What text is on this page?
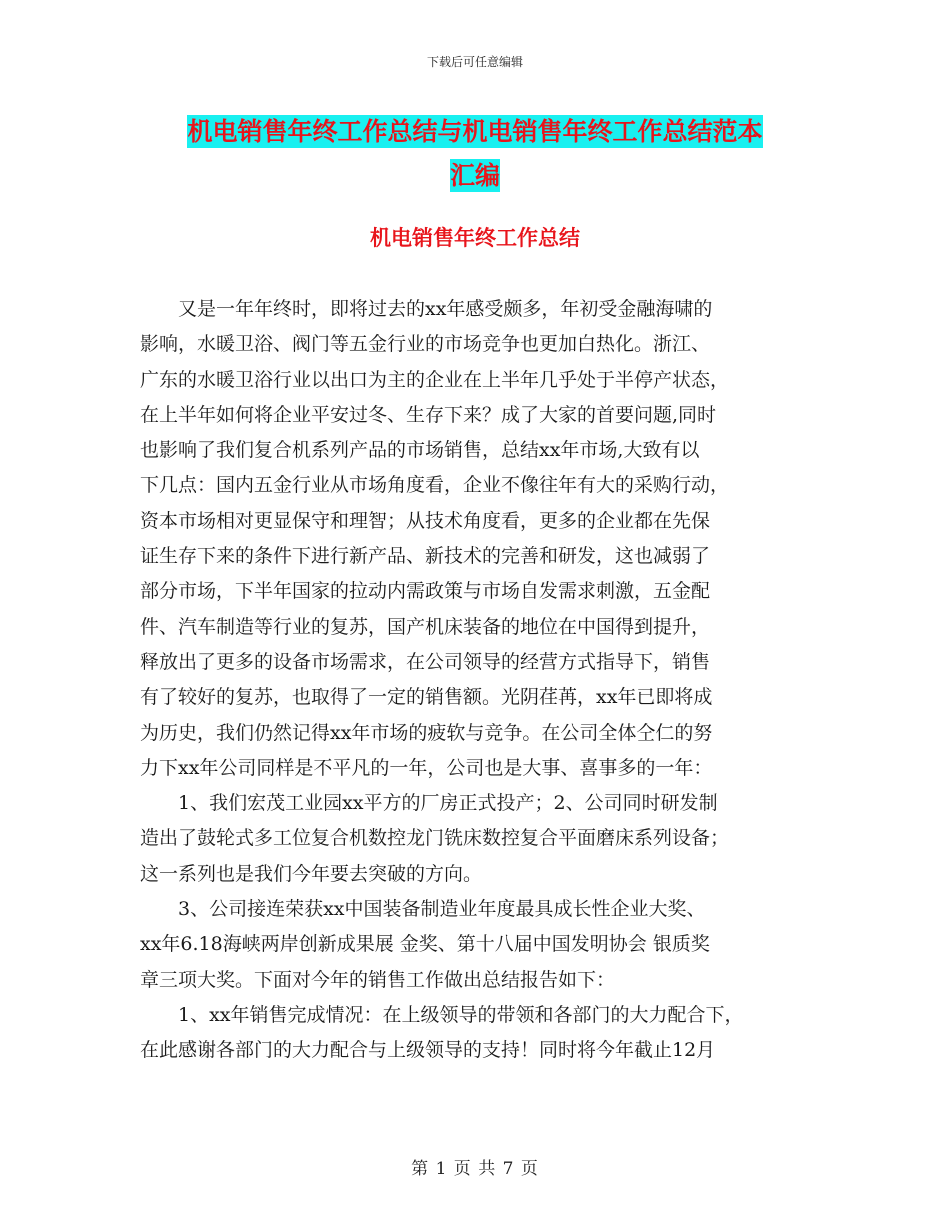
下载后可任意编辑
机电销售年终工作总结与机电销售年终工作总结范本
汇编
机电销售年终工作总结

又是一年年终时，即将过去的xx年感受颇多，年初受金融海啸的
影响，水暖卫浴、阀门等五金行业的市场竞争也更加白热化。浙江、
广东的水暖卫浴行业以出口为主的企业在上半年几乎处于半停产状态，
在上半年如何将企业平安过冬、生存下来？成了大家的首要问题,同时
也影响了我们复合机系列产品的市场销售，总结xx年市场,大致有以
下几点：国内五金行业从市场角度看，企业不像往年有大的采购行动，
资本市场相对更显保守和理智；从技术角度看，更多的企业都在先保
证生存下来的条件下进行新产品、新技术的完善和研发，这也减弱了
部分市场，下半年国家的拉动内需政策与市场自发需求刺激，五金配
件、汽车制造等行业的复苏，国产机床装备的地位在中国得到提升，
释放出了更多的设备市场需求，在公司领导的经营方式指导下，销售
有了较好的复苏，也取得了一定的销售额。光阴荏苒，xx年已即将成
为历史，我们仍然记得xx年市场的疲软与竞争。在公司全体仝仁的努
力下xx年公司同样是不平凡的一年，公司也是大事、喜事多的一年：

1、我们宏茂工业园xx平方的厂房正式投产；2、公司同时研发制
造出了鼓轮式多工位复合机数控龙门铣床数控复合平面磨床系列设备；
这一系列也是我们今年要去突破的方向。

3、公司接连荣获xx中国装备制造业年度最具成长性企业大奖、
xx年6.18海峡两岸创新成果展 金奖、第十八届中国发明协会 银质奖
章三项大奖。下面对今年的销售工作做出总结报告如下：

1、xx年销售完成情况：在上级领导的带领和各部门的大力配合下，
在此感谢各部门的大力配合与上级领导的支持！同时将今年截止12月

第 1 页 共 7 页
